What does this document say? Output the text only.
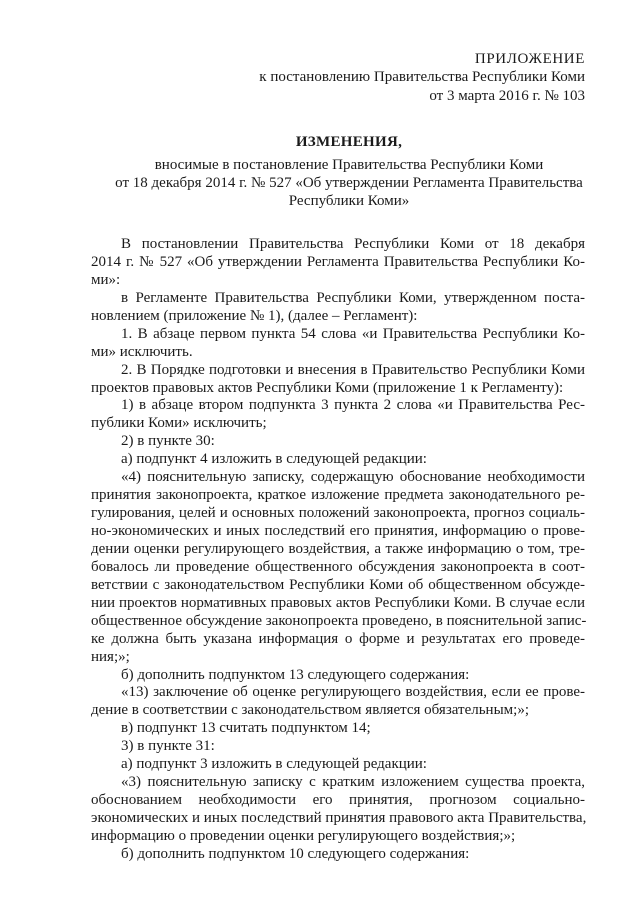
ПРИЛОЖЕНИЕ
к постановлению Правительства Республики Коми
от 3 марта 2016 г. № 103
ИЗМЕНЕНИЯ,
вносимые в постановление Правительства Республики Коми
от 18 декабря 2014 г. № 527 «Об утверждении Регламента Правительства
Республики Коми»
В постановлении Правительства Республики Коми от 18 декабря
2014 г. № 527 «Об утверждении Регламента Правительства Республики Ко-
ми»:
в Регламенте Правительства Республики Коми, утвержденном поста-
новлением (приложение № 1), (далее – Регламент):
1. В абзаце первом пункта 54 слова «и Правительства Республики Ко-
ми» исключить.
2. В Порядке подготовки и внесения в Правительство Республики Коми
проектов правовых актов Республики Коми (приложение 1 к Регламенту):
1) в абзаце втором подпункта 3 пункта 2 слова «и Правительства Рес-
публики Коми» исключить;
2) в пункте 30:
а) подпункт 4 изложить в следующей редакции:
«4) пояснительную записку, содержащую обоснование необходимости
принятия законопроекта, краткое изложение предмета законодательного ре-
гулирования, целей и основных положений законопроекта, прогноз социаль-
но-экономических и иных последствий его принятия, информацию о прове-
дении оценки регулирующего воздействия, а также информацию о том, тре-
бовалось ли проведение общественного обсуждения законопроекта в соот-
ветствии с законодательством Республики Коми об общественном обсужде-
нии проектов нормативных правовых актов Республики Коми. В случае если
общественное обсуждение законопроекта проведено, в пояснительной запис-
ке должна быть указана информация о форме и результатах его проведе-
ния;»;
б) дополнить подпунктом 13 следующего содержания:
«13) заключение об оценке регулирующего воздействия, если ее прове-
дение в соответствии с законодательством является обязательным;»;
в) подпункт 13 считать подпунктом 14;
3) в пункте 31:
а) подпункт 3 изложить в следующей редакции:
«3) пояснительную записку с кратким изложением существа проекта,
обоснованием необходимости его принятия, прогнозом социально-
экономических и иных последствий принятия правового акта Правительства,
информацию о проведении оценки регулирующего воздействия;»;
б) дополнить подпунктом 10 следующего содержания:
